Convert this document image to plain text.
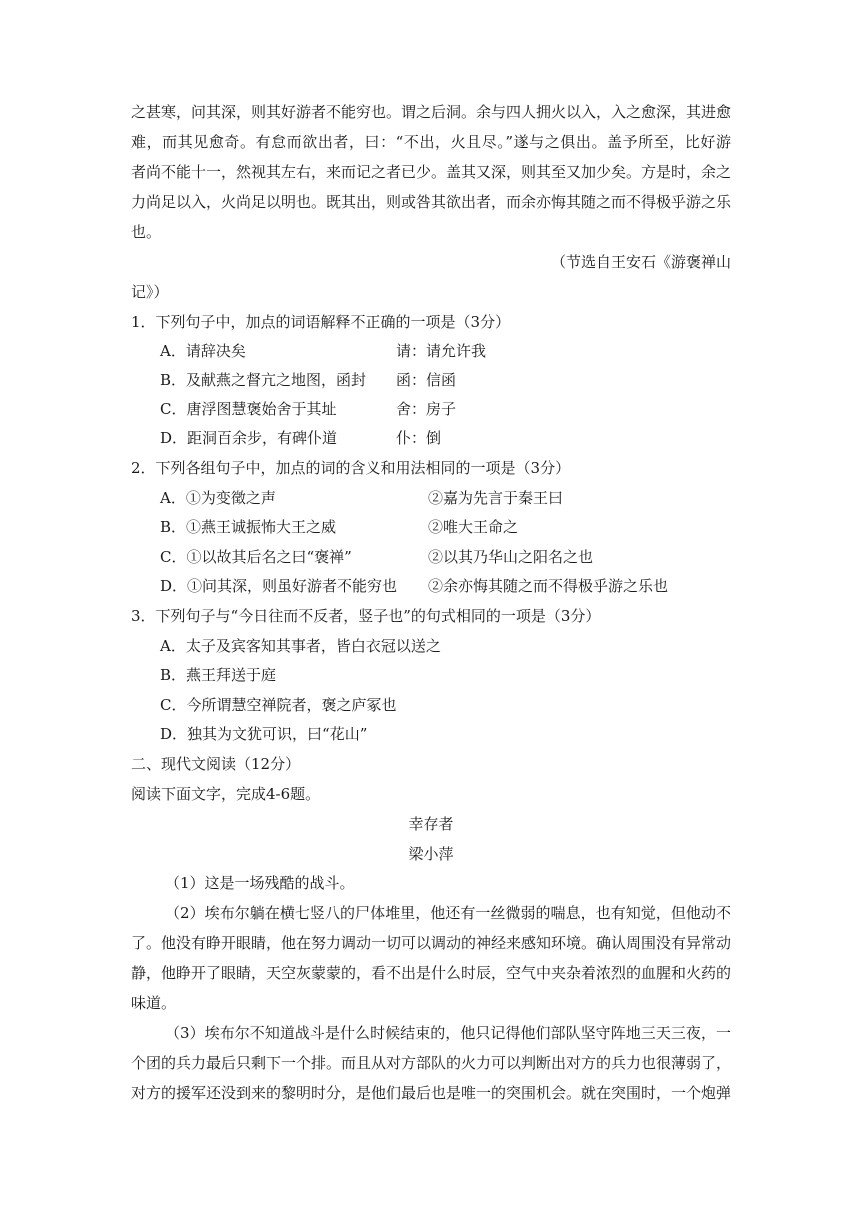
之甚寒，问其深，则其好游者不能穷也。谓之后洞。余与四人拥火以入，入之愈深，其进愈
难，而其见愈奇。有怠而欲出者，曰：“不出，火且尽。”遂与之俱出。盖予所至，比好游
者尚不能十一，然视其左右，来而记之者已少。盖其又深，则其至又加少矣。方是时，余之
力尚足以入，火尚足以明也。既其出，则或咎其欲出者，而余亦悔其随之而不得极乎游之乐
也。
（节选自王安石《游褒禅山
记》）
1．下列句子中，加点的词语解释不正确的一项是（3分）
A．请辞决矣	请：请允许我
B．及献燕之督亢之地图，函封 函：信函
C．唐浮图慧褒始舍于其址	舍：房子
D．距洞百余步，有碑仆道	仆：倒
2．下列各组句子中，加点的词的含义和用法相同的一项是（3分）
A．①为变徵之声	②嘉为先言于秦王曰
B．①燕王诚振怖大王之威	②唯大王命之
C．①以故其后名之曰“褒禅”	②以其乃华山之阳名之也
D．①问其深，则虽好游者不能穷也 ②余亦悔其随之而不得极乎游之乐也
3．下列句子与“今日往而不反者，竖子也”的句式相同的一项是（3分）
A．太子及宾客知其事者，皆白衣冠以送之
B．燕王拜送于庭
C．今所谓慧空禅院者，褒之庐冢也
D．独其为文犹可识，曰“花山”
二、现代文阅读（12分）
阅读下面文字，完成4-6题。
幸存者
梁小萍
（1）这是一场残酷的战斗。
（2）埃布尔躺在横七竖八的尸体堆里，他还有一丝微弱的喘息，也有知觉，但他动不
了。他没有睁开眼睛，他在努力调动一切可以调动的神经来感知环境。确认周围没有异常动
静，他睁开了眼睛，天空灰蒙蒙的，看不出是什么时辰，空气中夹杂着浓烈的血腥和火药的
味道。
（3）埃布尔不知道战斗是什么时候结束的，他只记得他们部队坚守阵地三天三夜，一
个团的兵力最后只剩下一个排。而且从对方部队的火力可以判断出对方的兵力也很薄弱了，
对方的援军还没到来的黎明时分，是他们最后也是唯一的突围机会。就在突围时，一个炮弹
